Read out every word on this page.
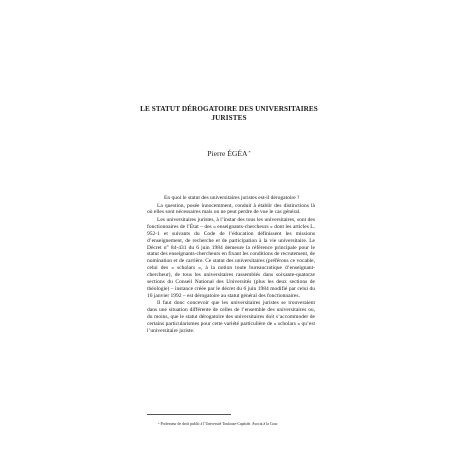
LE STATUT DÉROGATOIRE DES UNIVERSITAIRES
JURISTES
Pierre ÉGÉA*

En quoi le statut des universitaires juristes est-il dérogatoire ?

La question, posée innocemment, conduit à établir des distinctions là où elles sont nécessaires mais on ne peut perdre de vue le cas général.

Les universitaires juristes, à l’instar des tous les universitaires, sont des fonctionnaires de l’État – des « enseignants-chercheurs » dont les articles L. 952-1 et suivants du Code de l’éducation définissent les missions d’enseignement, de recherche et de participation à la vie universitaire. Le Décret n° 84-431 du 6 juin 1984 demeure la référence principale pour le statut des enseignants-chercheurs en fixant les conditions de recrutement, de nomination et de carrière. Ce statut des universitaires (préférons ce vocable, celui des « scholars », à la notion toute bureaucratique d’enseignant-chercheur), de tous les universitaires rassemblés dans soixante-quatorze sections du Conseil National des Universités (plus les deux sections de théologie) – instance créée par le décret du 6 juin 1984 modifié par celui du 16 janvier 1992 – est dérogatoire au statut général des fonctionnaires.

Il faut donc concevoir que les universitaires juristes se trouveraient dans une situation différente de celles de l’ensemble des universitaires ou, du moins, que le statut dérogatoire des universitaires doit s’accommoder de certains particularismes pour cette variété particulière de « scholars » qu’est l’universitaire juriste.

*Professeur de droit public à l’Université Toulouse-Capitole. Avocat à la Cour.
